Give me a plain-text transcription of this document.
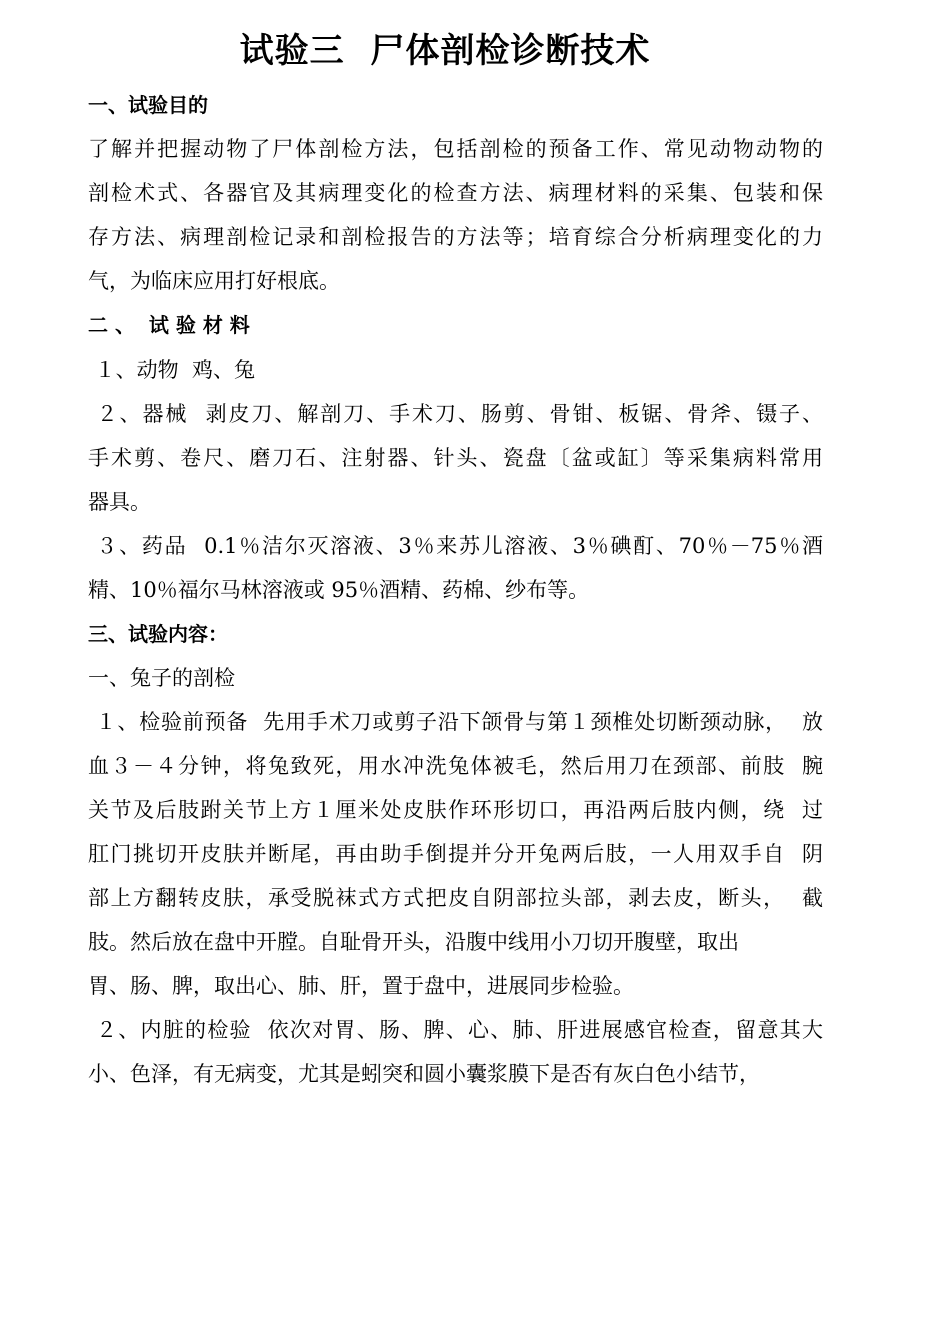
试验三  尸体剖检诊断技术
一、试验目的
了解并把握动物了尸体剖检方法，包括剖检的预备工作、常见动物动物的
剖检术式、各器官及其病理变化的检查方法、病理材料的采集、包装和保
存方法、病理剖检记录和剖检报告的方法等；培育综合分析病理变化的力
气，为临床应用打好根底。
二 、  试 验 材 料
１、动物  鸡、兔
２、器械  剥皮刀、解剖刀、手术刀、肠剪、骨钳、板锯、骨斧、镊子、
手术剪、卷尺、磨刀石、注射器、针头、瓷盘〔盆或缸〕等采集病料常用
器具。
３、药品  0.1％洁尔灭溶液、3％来苏儿溶液、3％碘酊、70％－75％酒
精、10％福尔马林溶液或 95％酒精、药棉、纱布等。
三、试验内容：
一、兔子的剖检
１、检验前预备  先用手术刀或剪子沿下颌骨与第１颈椎处切断颈动脉，  放
血３－４分钟，将兔致死，用水冲洗兔体被毛，然后用刀在颈部、前肢  腕
关节及后肢跗关节上方１厘米处皮肤作环形切口，再沿两后肢内侧，绕  过
肛门挑切开皮肤并断尾，再由助手倒提并分开兔两后肢，一人用双手自  阴
部上方翻转皮肤，承受脱袜式方式把皮自阴部拉头部，剥去皮，断头，  截
肢。然后放在盘中开膛。自耻骨开头，沿腹中线用小刀切开腹壁，取出
胃、肠、脾，取出心、肺、肝，置于盘中，进展同步检验。
２、内脏的检验  依次对胃、肠、脾、心、肺、肝进展感官检查，留意其大
小、色泽，有无病变，尤其是蚓突和圆小囊浆膜下是否有灰白色小结节，
